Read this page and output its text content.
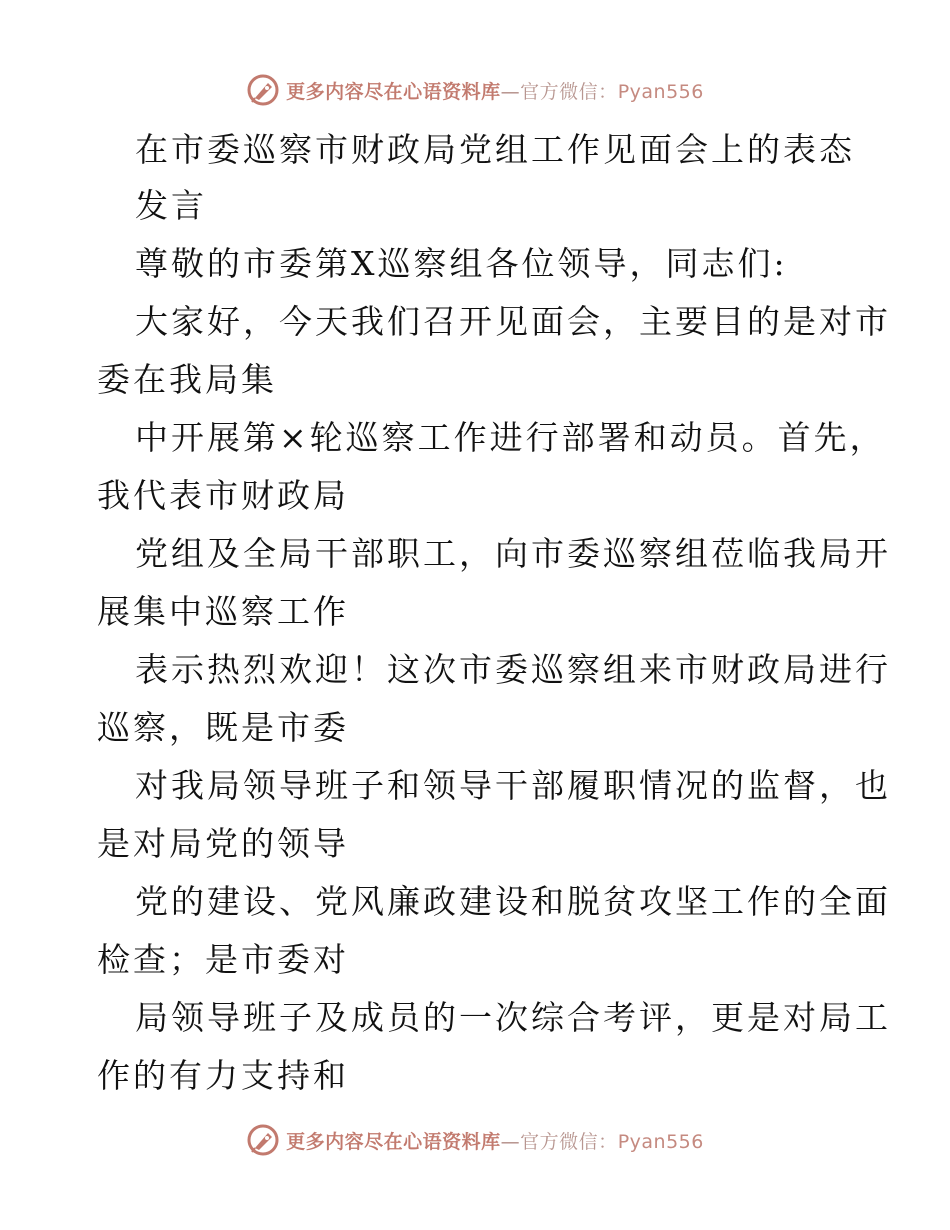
更多内容尽在心语资料库—官方微信：Pyan556
在市委巡察市财政局党组工作见面会上的表态
发言
尊敬的市委第X巡察组各位领导，同志们:
大家好，今天我们召开见面会，主要目的是对市
委在我局集
中开展第×轮巡察工作进行部署和动员。首先，
我代表市财政局
党组及全局干部职工，向市委巡察组莅临我局开
展集中巡察工作
表示热烈欢迎！这次市委巡察组来市财政局进行
巡察，既是市委
对我局领导班子和领导干部履职情况的监督，也
是对局党的领导
党的建设、党风廉政建设和脱贫攻坚工作的全面
检查；是市委对
局领导班子及成员的一次综合考评，更是对局工
作的有力支持和
更多内容尽在心语资料库—官方微信：Pyan556
